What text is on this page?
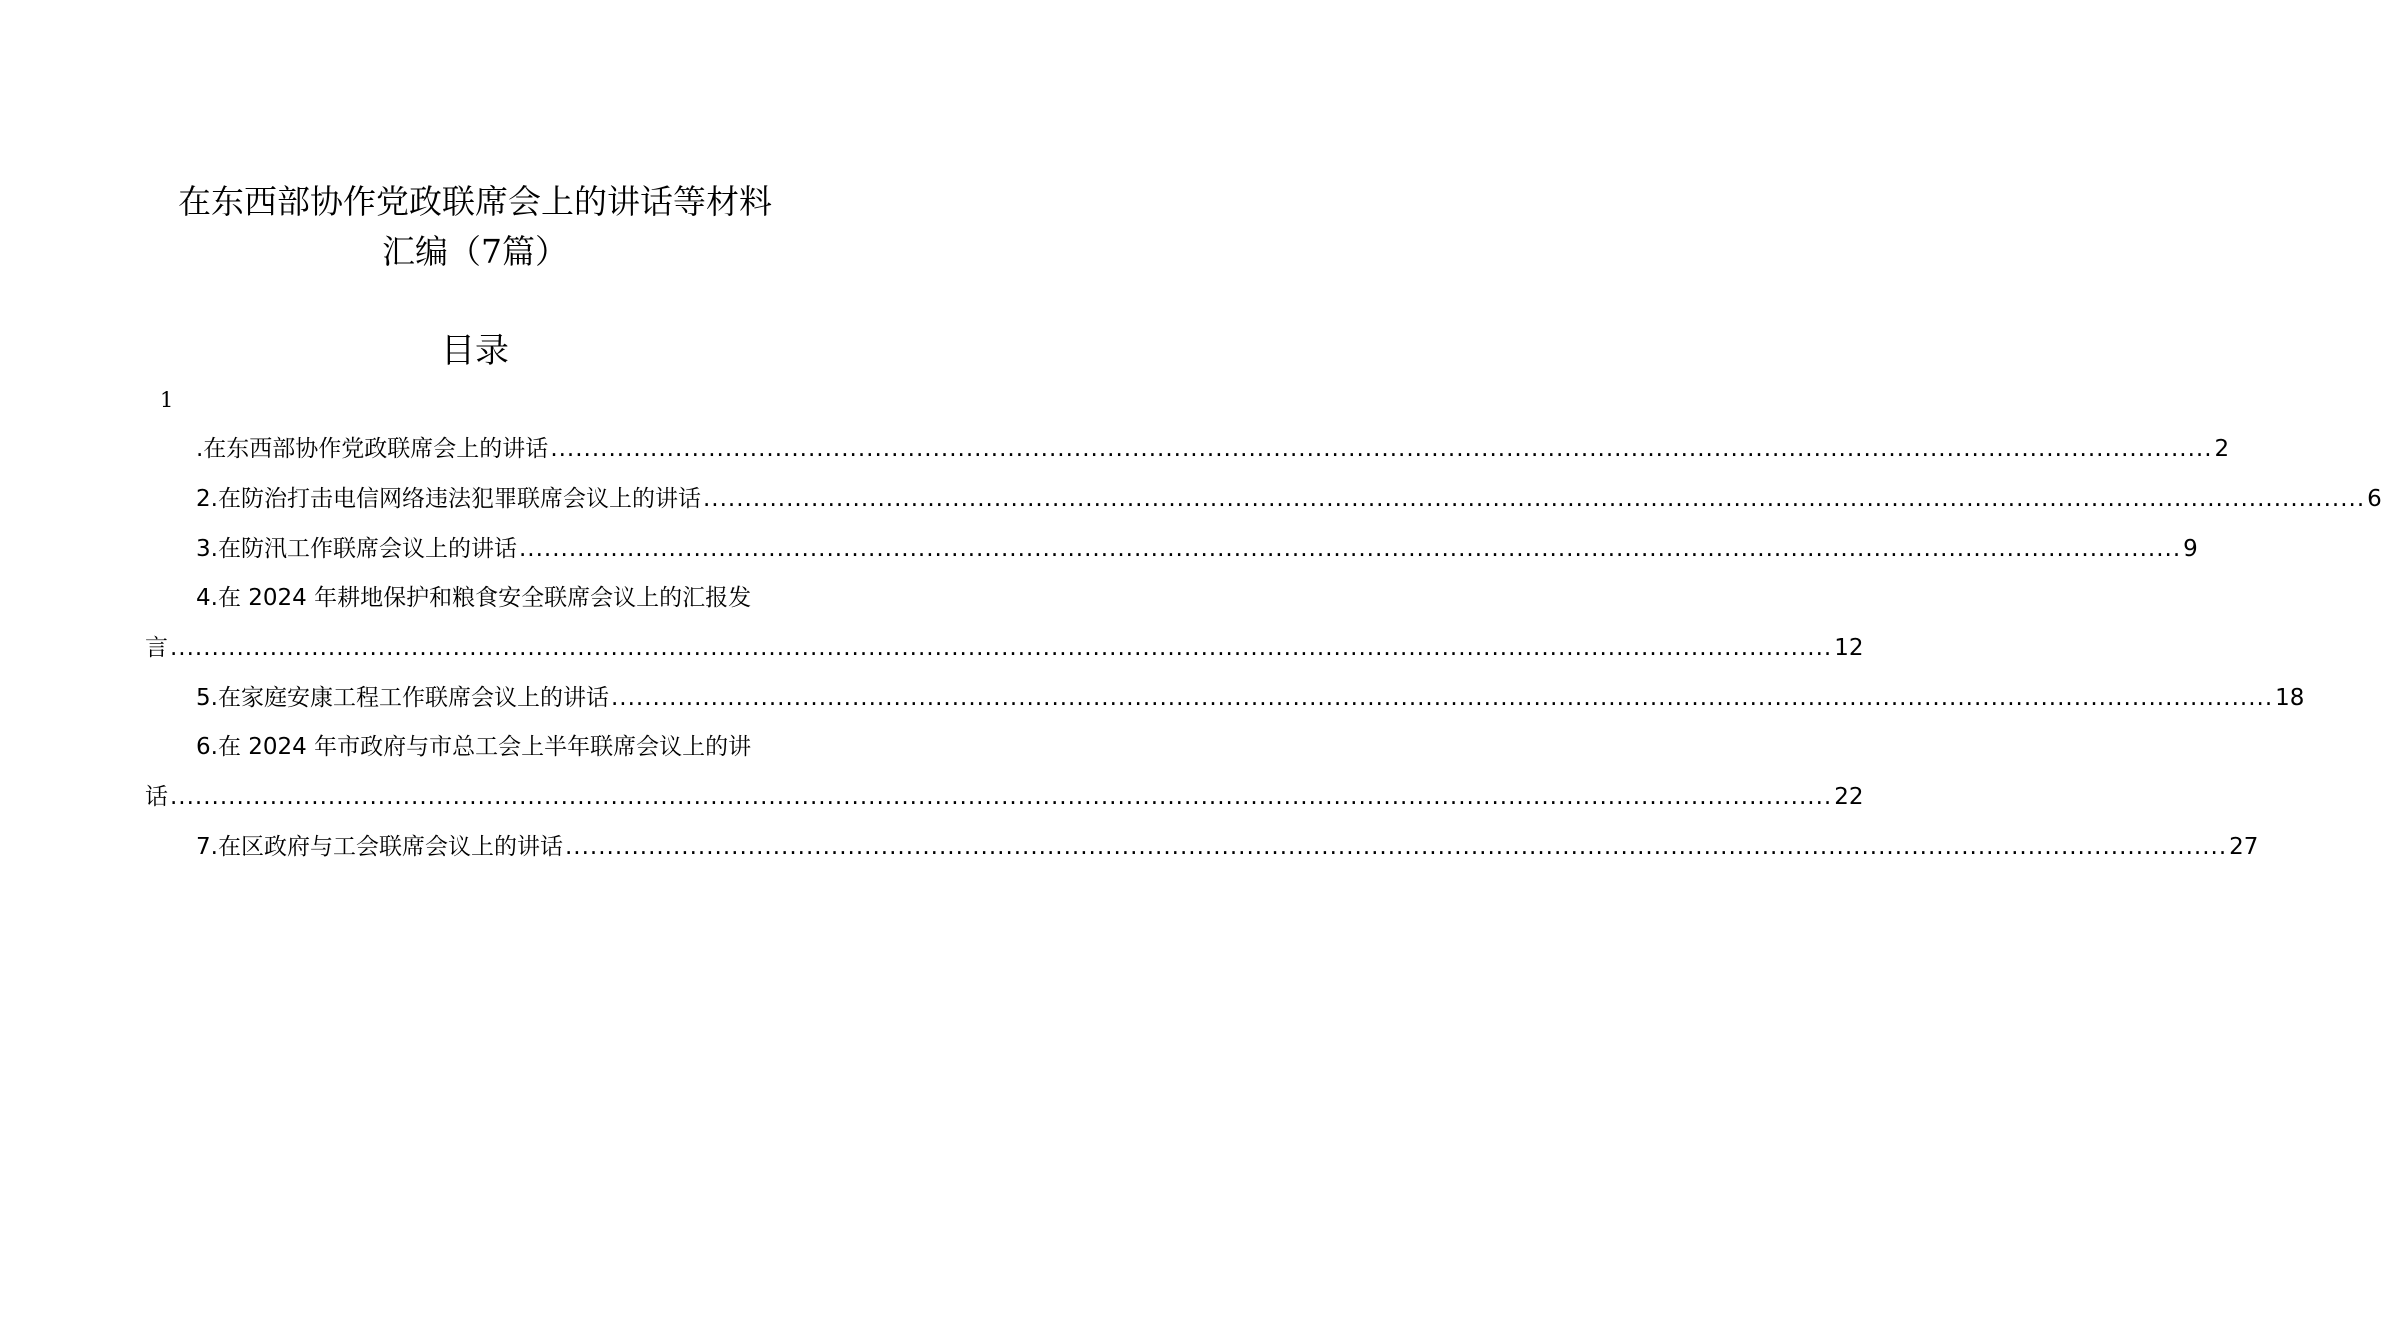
在东西部协作党政联席会上的讲话等材料
汇编（7篇）
目录
1
.在东西部协作党政联席会上的讲话 ........................................................................................................................................................................................................ 2
2.在防治打击电信网络违法犯罪联席会议上的讲话 ........................................................................................................................................................................................................ 6
3.在防汛工作联席会议上的讲话 ........................................................................................................................................................................................................ 9
4.在 2024 年耕地保护和粮食安全联席会议上的汇报发
言 ........................................................................................................................................................................................................ 12
5.在家庭安康工程工作联席会议上的讲话 ........................................................................................................................................................................................................ 18
6.在 2024 年市政府与市总工会上半年联席会议上的讲
话 ........................................................................................................................................................................................................ 22
7.在区政府与工会联席会议上的讲话 ........................................................................................................................................................................................................ 27
